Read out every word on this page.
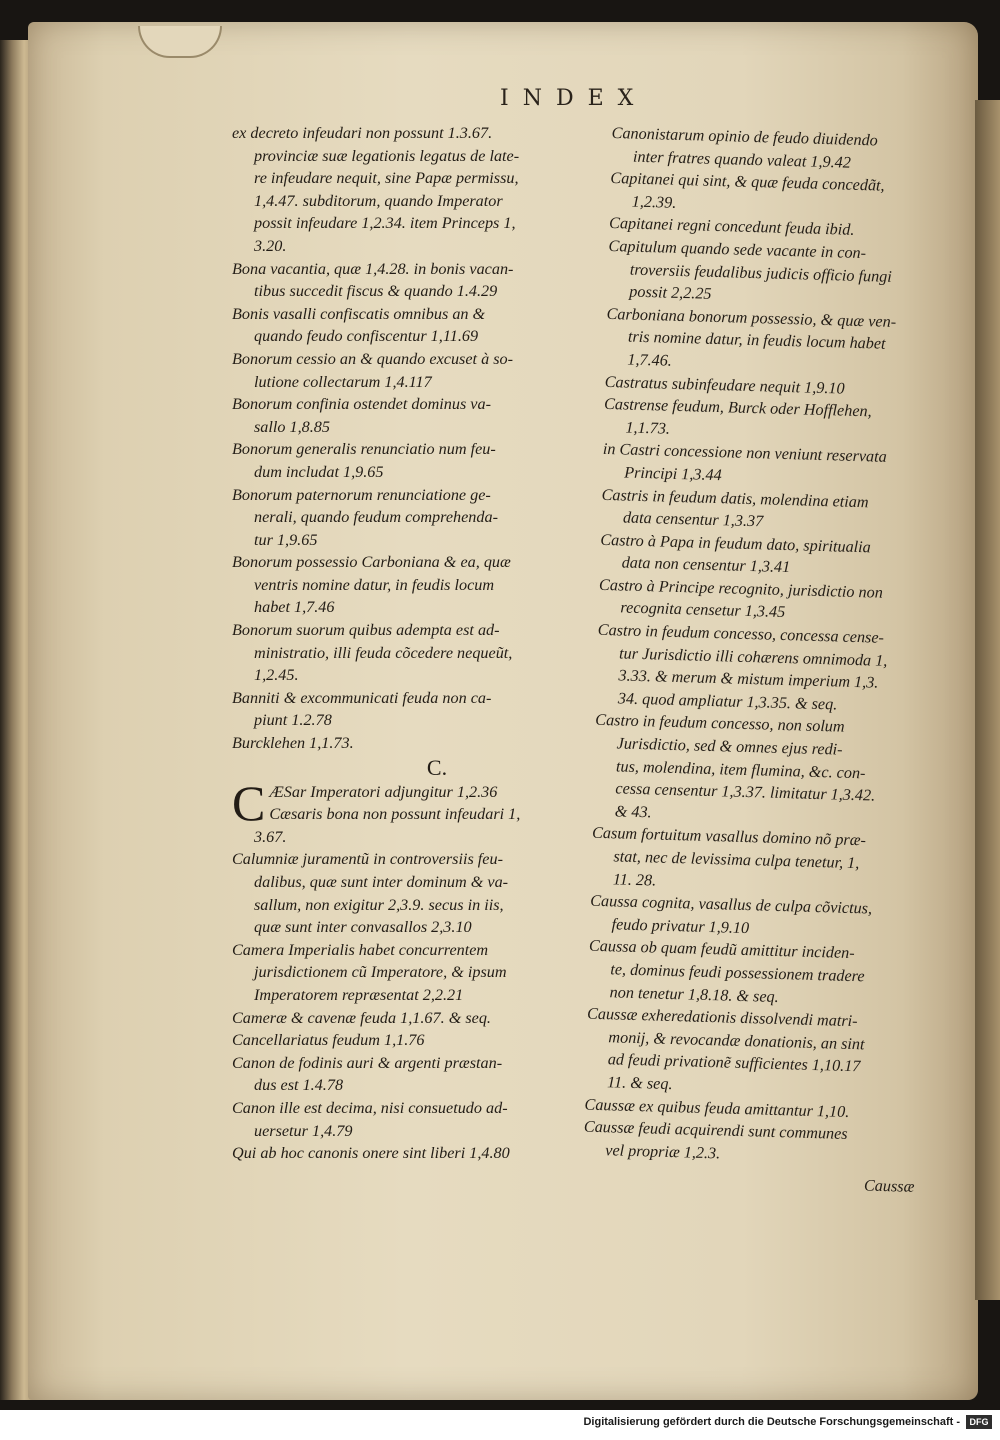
INDEX
ex decreto infeudari non possunt 1.3.67.
provinciæ suæ legationis legatus de late-
re infeudare nequit, sine Papæ permissu,
1,4.47. subditorum, quando Imperator
possit infeudare 1,2.34. item Princeps 1,
3.20.
Bona vacantia, quæ 1,4.28. in bonis vacan-
tibus succedit fiscus & quando 1.4.29
Bonis vasalli confiscatis omnibus an &
quando feudo confiscentur 1,11.69
Bonorum cessio an & quando excuset à so-
lutione collectarum 1,4.117
Bonorum confinia ostendet dominus va-
sallo 1,8.85
Bonorum generalis renunciatio num feu-
dum includat 1,9.65
Bonorum paternorum renunciatione ge-
nerali, quando feudum comprehenda-
tur 1,9.65
Bonorum possessio Carboniana & ea, quæ
ventris nomine datur, in feudis locum
habet 1,7.46
Bonorum suorum quibus adempta est ad-
ministratio, illi feuda cõcedere nequeũt,
1,2.45.
Banniti & excommunicati feuda non ca-
piunt 1.2.78
Burcklehen 1,1.73.
C.
C ÆSar Imperatori adjungitur 1,2.36
Cæsaris bona non possunt infeudari 1,
3.67.
Calumniæ juramentũ in controversiis feu-
dalibus, quæ sunt inter dominum & va-
sallum, non exigitur 2,3.9. secus in iis,
quæ sunt inter convasallos 2,3.10
Camera Imperialis habet concurrentem
jurisdictionem cũ Imperatore, & ipsum
Imperatorem repræsentat 2,2.21
Cameræ & cavenæ feuda 1,1.67. & seq.
Cancellariatus feudum 1,1.76
Canon de fodinis auri & argenti præstan-
dus est 1.4.78
Canon ille est decima, nisi consuetudo ad-
uersetur 1,4.79
Qui ab hoc canonis onere sint liberi 1,4.80
Canonistarum opinio de feudo diuidendo
inter fratres quando valeat 1,9.42
Capitanei qui sint, & quæ feuda concedãt,
1,2.39.
Capitanei regni concedunt feuda ibid.
Capitulum quando sede vacante in con-
troversiis feudalibus judicis officio fungi
possit 2,2.25
Carboniana bonorum possessio, & quæ ven-
tris nomine datur, in feudis locum habet
1,7.46.
Castratus subinfeudare nequit 1,9.10
Castrense feudum, Burck oder Hofflehen,
1,1.73.
in Castri concessione non veniunt reservata
Principi 1,3.44
Castris in feudum datis, molendina etiam
data censentur 1,3.37
Castro à Papa in feudum dato, spiritualia
data non censentur 1,3.41
Castro à Principe recognito, jurisdictio non
recognita censetur 1,3.45
Castro in feudum concesso, concessa cense-
tur Jurisdictio illi cohærens omnimoda 1,
3.33. & merum & mistum imperium 1,3.
34. quod ampliatur 1,3.35. & seq.
Castro in feudum concesso, non solum
Jurisdictio, sed & omnes ejus redi-
tus, molendina, item flumina, &c. con-
cessa censentur 1,3.37. limitatur 1,3.42.
& 43.
Casum fortuitum vasallus domino nõ præ-
stat, nec de levissima culpa tenetur, 1,
11. 28.
Caussa cognita, vasallus de culpa cõvictus,
feudo privatur 1,9.10
Caussa ob quam feudũ amittitur inciden-
te, dominus feudi possessionem tradere
non tenetur 1,8.18. & seq.
Caussæ exheredationis dissolvendi matri-
monij, & revocandæ donationis, an sint
ad feudi privationẽ sufficientes 1,10.17
11. & seq.
Caussæ ex quibus feuda amittantur 1,10.
Caussæ feudi acquirendi sunt communes
vel propriæ 1,2.3.
Caussæ
Digitalisierung gefördert durch die Deutsche Forschungsgemeinschaft -	DFG
